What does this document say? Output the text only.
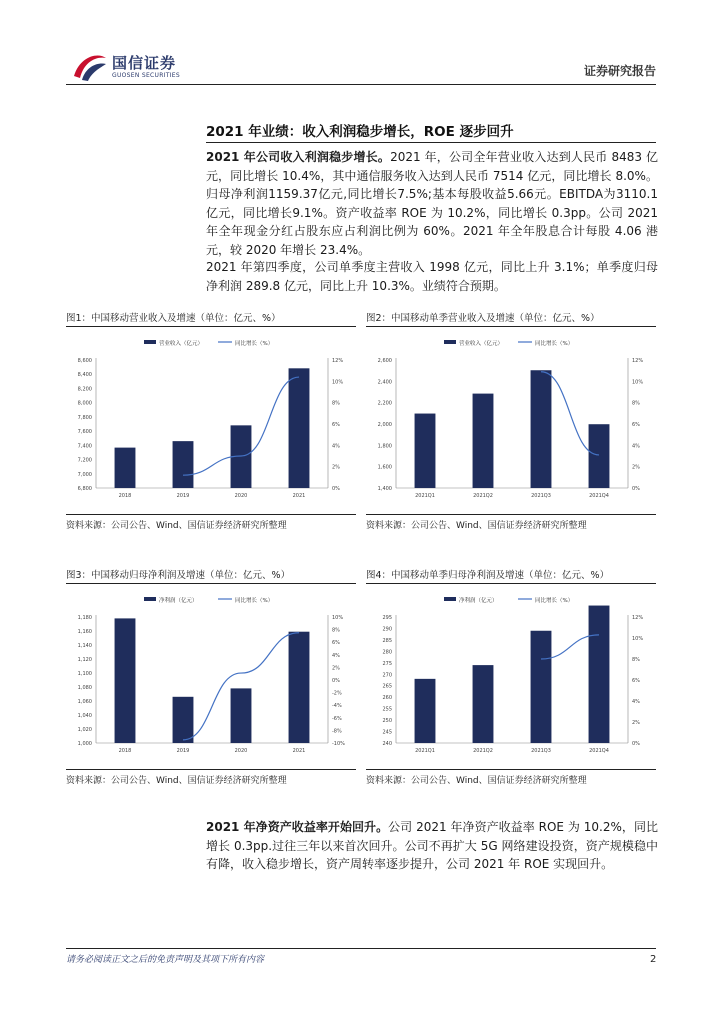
国信证券
GUOSEN SECURITIES	证券研究报告
2021 年业绩：收入利润稳步增长，ROE 逐步回升
2021 年公司收入利润稳步增长。2021 年，公司全年营业收入达到人民币 8483 亿元，同比增长 10.4%，其中通信服务收入达到人民币 7514 亿元，同比增长 8.0%。归母净利润1159.37亿元,同比增长7.5%;基本每股收益5.66元。EBITDA为3110.1亿元，同比增长9.1%。资产收益率 ROE 为 10.2%，同比增长 0.3pp。公司 2021 年全年现金分红占股东应占利润比例为 60%。2021 年全年股息合计每股 4.06 港元，较 2020 年增长 23.4%。
2021 年第四季度，公司单季度主营收入 1998 亿元，同比上升 3.1%；单季度归母净利润 289.8 亿元，同比上升 10.3%。业绩符合预期。
图1：中国移动营业收入及增速（单位：亿元、%）
营业收入（亿元）	同比增长（%）
6,800
7,000
7,200
7,400
7,600
7,800
8,000
8,200
8,400
8,600
0%
2%
4%
6%
8%
10%
12%
2018	2019	2020	2021
资料来源：公司公告、Wind、国信证券经济研究所整理
图2：中国移动单季营业收入及增速（单位：亿元、%）
营业收入（亿元）	同比增长（%）
1,400
1,600
1,800
2,000
2,200
2,400
2,600
0%
2%
4%
6%
8%
10%
12%
2021Q1	2021Q2	2021Q3	2021Q4
资料来源：公司公告、Wind、国信证券经济研究所整理
图3：中国移动归母净利润及增速（单位：亿元、%）
净利润（亿元）	同比增长（%）
1,000
1,020
1,040
1,060
1,080
1,100
1,120
1,140
1,160
1,180
-10%
-8%
-6%
-4%
-2%
0%
2%
4%
6%
8%
10%
2018	2019	2020	2021
资料来源：公司公告、Wind、国信证券经济研究所整理
图4：中国移动单季归母净利润及增速（单位：亿元、%）
净利润（亿元）	同比增长（%）
240
245
250
255
260
265
270
275
280
285
290
295
0%
2%
4%
6%
8%
10%
12%
2021Q1	2021Q2	2021Q3	2021Q4
资料来源：公司公告、Wind、国信证券经济研究所整理
2021 年净资产收益率开始回升。公司 2021 年净资产收益率 ROE 为 10.2%，同比增长 0.3pp.过往三年以来首次回升。公司不再扩大 5G 网络建设投资，资产规模稳中有降，收入稳步增长，资产周转率逐步提升，公司 2021 年 ROE 实现回升。
请务必阅读正文之后的免责声明及其项下所有内容	2
